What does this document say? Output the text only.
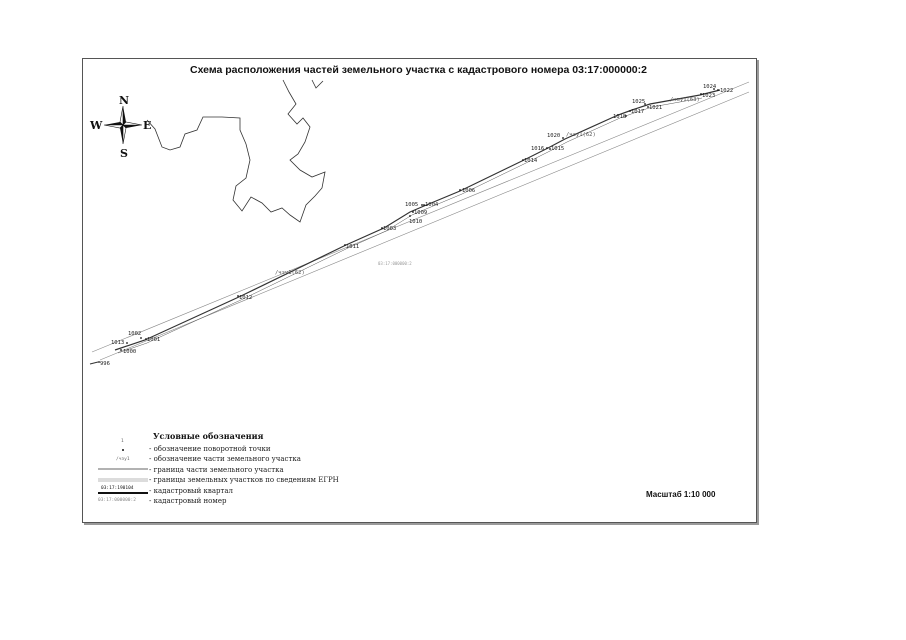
Схема расположения частей земельного участка с кадастрового номера 03:17:000000:2
03:17:000000:2
/чзу1(62)
/чзу1(62)
/чзу1(63)
996
1000
1013
1002
1001
1012
1011
1003
1010
1009
1005 1004
1006
1014
1016 1015
1020
1018
1017
1025
1021
1023
1024
1022
N
S
E
W
Условные обозначения
1
- обозначение поворотной точки
/чзу1	- обозначение части земельного участка
- граница части земельного участка
- границы земельных участков по сведениям ЕГРН
03:17:190104 - кадастровый квартал
03:17:000000:2 - кадастровый номер
Масштаб 1:10 000
